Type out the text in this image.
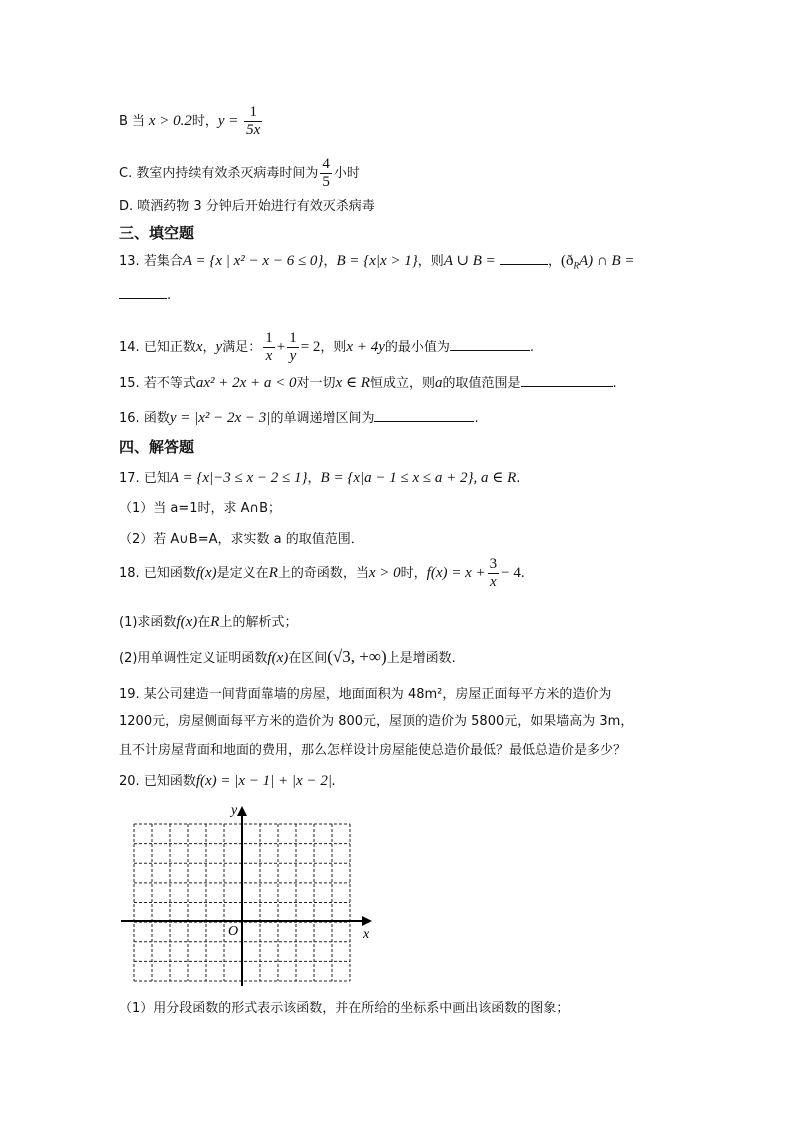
B 当 x > 0.2时，$y = \frac{1}{5x}$
C. 教室内持续有效杀灭病毒时间为 $\frac{4}{5}$ 小时
D. 喷洒药物 3 分钟后开始进行有效灭杀病毒
三、填空题
13. 若集合A = {x | x² − x − 6 ≤ 0}，B = {x|x > 1}，则A ∪ B =	，$(ð_RA)$ ∩ B =
.
14. 已知正数x，y满足： $\frac{1}{x} + \frac{1}{y} = 2$，则x + 4y的最小值为	.
15. 若不等式ax² + 2x + a < 0对一切x ∈ R恒成立，则a的取值范围是	.
16. 函数y = |x² − 2x − 3|的单调递增区间为	.
四、解答题
17. 已知A = {x|−3 ≤ x − 2 ≤ 1}，B = {x|a − 1 ≤ x ≤ a + 2}, a ∈ R.
（1）当 a=1时，求 A∩B；
（2）若 A∪B=A，求实数 a 的取值范围．
18. 已知函数f(x)是定义在R上的奇函数，当x > 0时，$f(x) = x + \frac{3}{x} - 4$.
(1)求函数f(x)在R上的解析式；
(2)用单调性定义证明函数f(x)在区间(√3, +∞)上是增函数.
19. 某公司建造一间背面靠墙的房屋，地面面积为 48m²，房屋正面每平方米的造价为
1200元，房屋侧面每平方米的造价为 800元，屋顶的造价为 5800元，如果墙高为 3m，
且不计房屋背面和地面的费用，那么怎样设计房屋能使总造价最低？最低总造价是多少？
20. 已知函数f(x) = |x − 1| + |x − 2|.
y
x
O
（1）用分段函数的形式表示该函数，并在所给的坐标系中画出该函数的图象；
